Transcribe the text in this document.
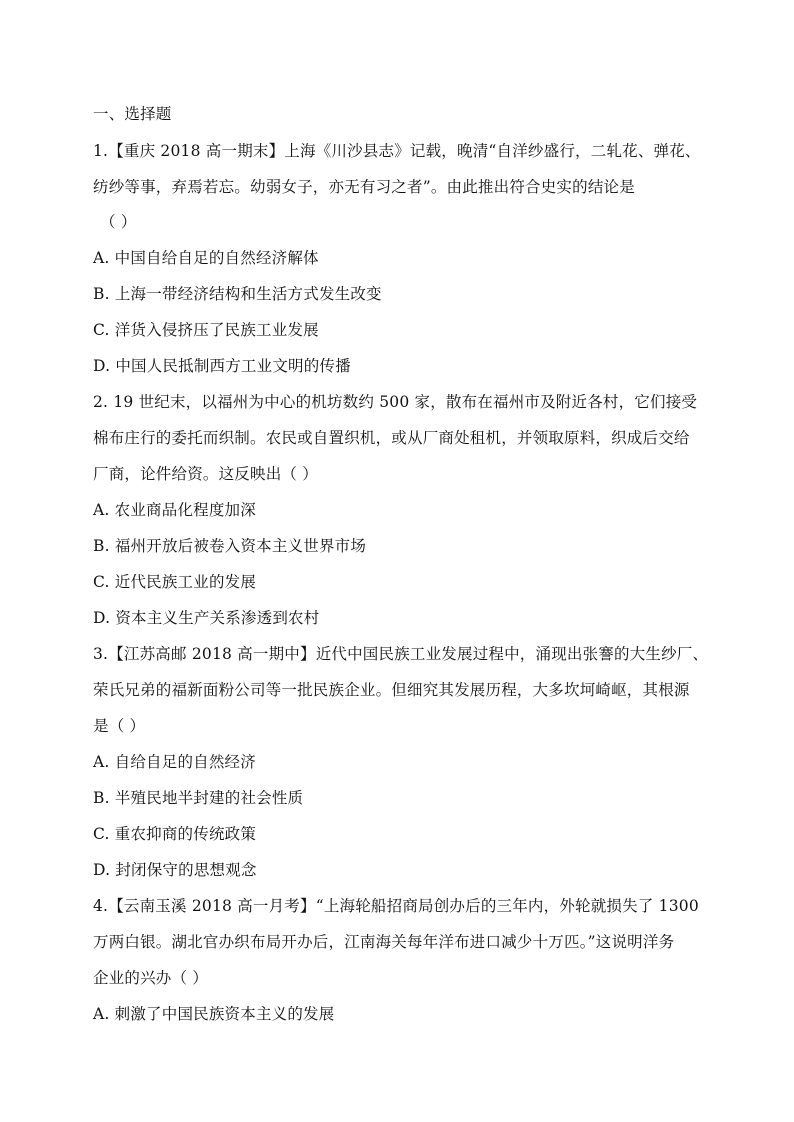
一、选择题
1.【重庆 2018 高一期末】上海《川沙县志》记载，晚清“自洋纱盛行，二轧花、弹花、
纺纱等事，弃焉若忘。幼弱女子，亦无有习之者”。由此推出符合史实的结论是
（ ）
A. 中国自给自足的自然经济解体
B. 上海一带经济结构和生活方式发生改变
C. 洋货入侵挤压了民族工业发展
D. 中国人民抵制西方工业文明的传播
2. 19 世纪末，以福州为中心的机坊数约 500 家，散布在福州市及附近各村，它们接受
棉布庄行的委托而织制。农民或自置织机，或从厂商处租机，并领取原料，织成后交给
厂商，论件给资。这反映出（ ）
A. 农业商品化程度加深
B. 福州开放后被卷入资本主义世界市场
C. 近代民族工业的发展
D. 资本主义生产关系渗透到农村
3.【江苏高邮 2018 高一期中】近代中国民族工业发展过程中，涌现出张謇的大生纱厂、
荣氏兄弟的福新面粉公司等一批民族企业。但细究其发展历程，大多坎坷崎岖，其根源
是（ ）
A. 自给自足的自然经济
B. 半殖民地半封建的社会性质
C. 重农抑商的传统政策
D. 封闭保守的思想观念
4.【云南玉溪 2018 高一月考】“上海轮船招商局创办后的三年内，外轮就损失了 1300
万两白银。湖北官办织布局开办后，江南海关每年洋布进口减少十万匹。”这说明洋务
企业的兴办（ ）
A. 刺激了中国民族资本主义的发展
